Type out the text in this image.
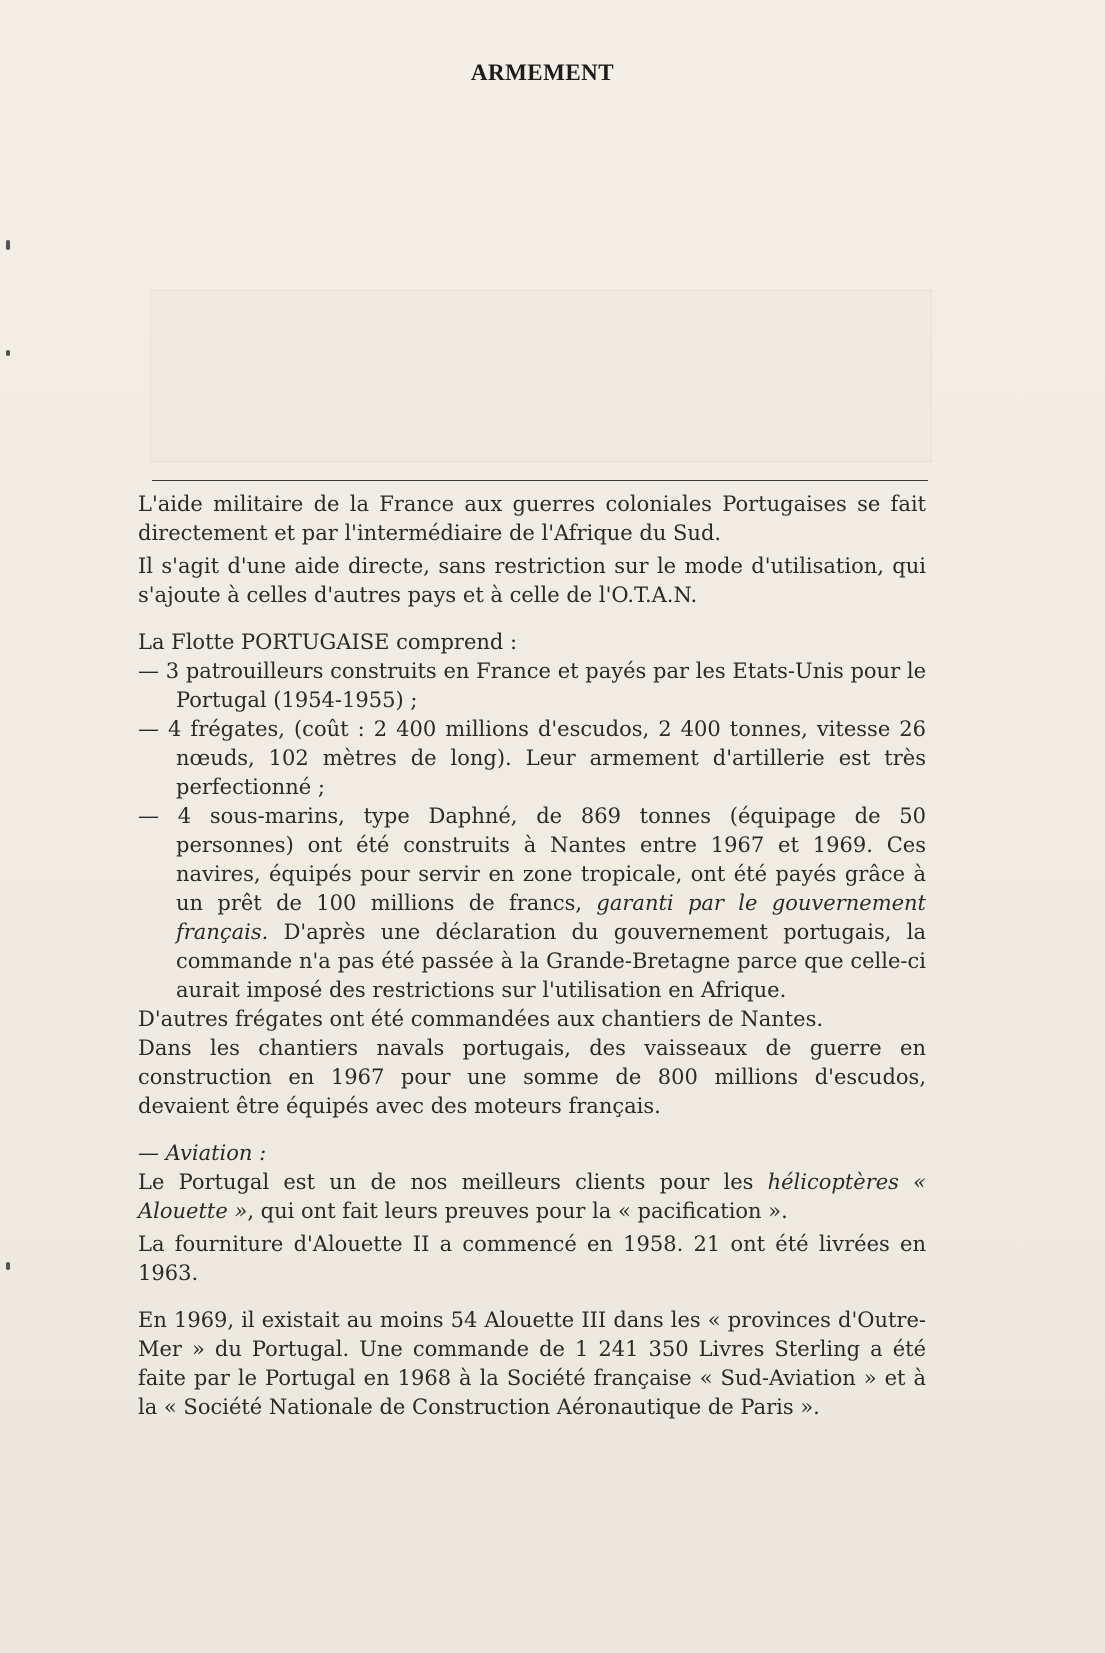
ARMEMENT

L'aide militaire de la France aux guerres coloniales Portugaises se fait directement et par l'intermédiaire de l'Afrique du Sud.

Il s'agit d'une aide directe, sans restriction sur le mode d'utilisation, qui s'ajoute à celles d'autres pays et à celle de l'O.T.A.N.

La Flotte PORTUGAISE comprend :

— 3 patrouilleurs construits en France et payés par les Etats-Unis pour le Portugal (1954-1955) ;

— 4 frégates, (coût : 2 400 millions d'escudos, 2 400 tonnes, vitesse 26 nœuds, 102 mètres de long). Leur armement d'artillerie est très perfectionné ;

— 4 sous-marins, type Daphné, de 869 tonnes (équipage de 50 personnes) ont été construits à Nantes entre 1967 et 1969. Ces navires, équipés pour servir en zone tropicale, ont été payés grâce à un prêt de 100 millions de francs, garanti par le gouvernement français. D'après une déclaration du gouvernement portugais, la commande n'a pas été passée à la Grande-Bretagne parce que celle-ci aurait imposé des restrictions sur l'utilisation en Afrique.

D'autres frégates ont été commandées aux chantiers de Nantes.

Dans les chantiers navals portugais, des vaisseaux de guerre en construction en 1967 pour une somme de 800 millions d'escudos, devaient être équipés avec des moteurs français.

— Aviation :

Le Portugal est un de nos meilleurs clients pour les hélicoptères « Alouette », qui ont fait leurs preuves pour la « pacification ».

La fourniture d'Alouette II a commencé en 1958. 21 ont été livrées en 1963.

En 1969, il existait au moins 54 Alouette III dans les « provinces d'Outre-Mer » du Portugal. Une commande de 1 241 350 Livres Sterling a été faite par le Portugal en 1968 à la Société française « Sud-Aviation » et à la « Société Nationale de Construction Aéronautique de Paris ».
